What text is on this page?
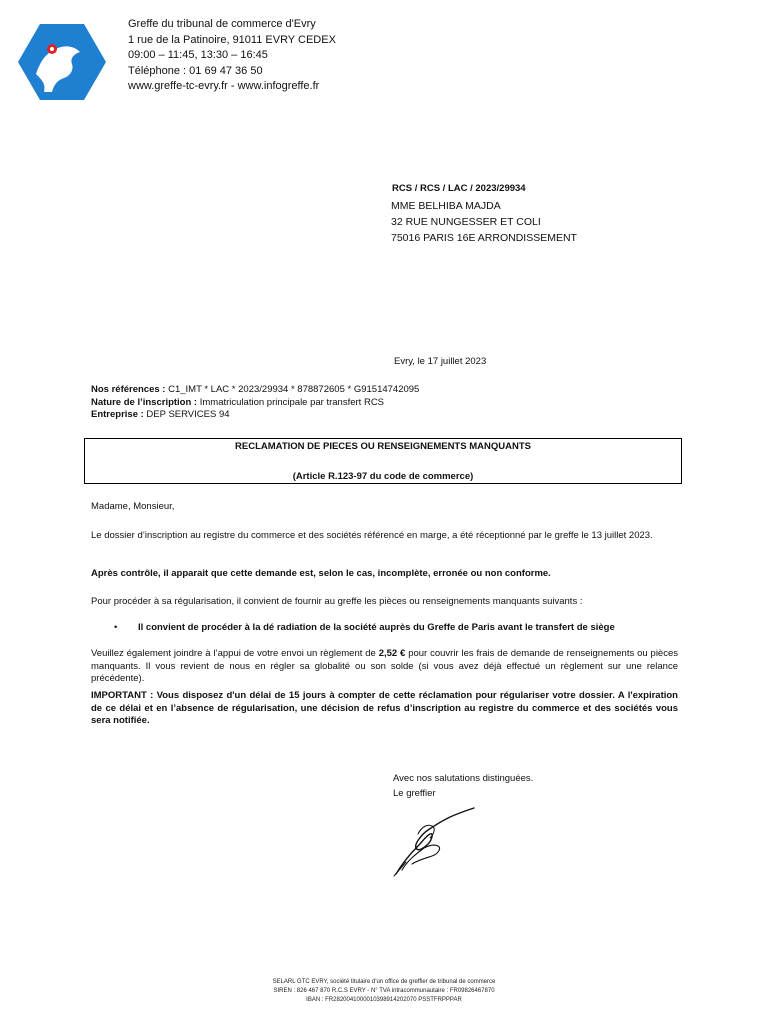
Greffe du tribunal de commerce d'Evry
1 rue de la Patinoire, 91011 EVRY CEDEX
09:00 – 11:45, 13:30 – 16:45
Téléphone : 01 69 47 36 50
www.greffe-tc-evry.fr - www.infogreffe.fr
RCS / RCS / LAC / 2023/29934
MME BELHIBA MAJDA
32 RUE NUNGESSER ET COLI
75016 PARIS 16E ARRONDISSEMENT
Evry, le 17 juillet 2023
Nos références : C1_IMT * LAC * 2023/29934 * 878872605 * G91514742095
Nature de l’inscription : Immatriculation principale par transfert RCS
Entreprise : DEP SERVICES 94
RECLAMATION DE PIECES OU RENSEIGNEMENTS MANQUANTS
(Article R.123-97 du code de commerce)
Madame, Monsieur,
Le dossier d’inscription au registre du commerce et des sociétés référencé en marge, a été réceptionné par le greffe le 13 juillet 2023.
Après contrôle, il apparait que cette demande est, selon le cas, incomplète, erronée ou non conforme.
Pour procéder à sa régularisation, il convient de fournir au greffe les pièces ou renseignements manquants suivants :
• Il convient de procéder à la dé radiation de la société auprès du Greffe de Paris avant le transfert de siège
Veuillez également joindre à l’appui de votre envoi un règlement de 2,52 € pour couvrir les frais de demande de renseignements ou pièces manquants. Il vous revient de nous en régler sa globalité ou son solde (si vous avez déjà effectué un règlement sur une relance précédente).
IMPORTANT : Vous disposez d'un délai de 15 jours à compter de cette réclamation pour régulariser votre dossier. A l'expiration de ce délai et en l’absence de régularisation, une décision de refus d’inscription au registre du commerce et des sociétés vous sera notifiée.
Avec nos salutations distinguées.
Le greffier
SELARL GTC EVRY, société titulaire d’un office de greffier de tribunal de commerce
SIREN : 826 467 870 R.C.S EVRY - N° TVA intracommunautaire : FR09826467870
IBAN : FR2820041000010398914202070 PSSTFRPPPAR
